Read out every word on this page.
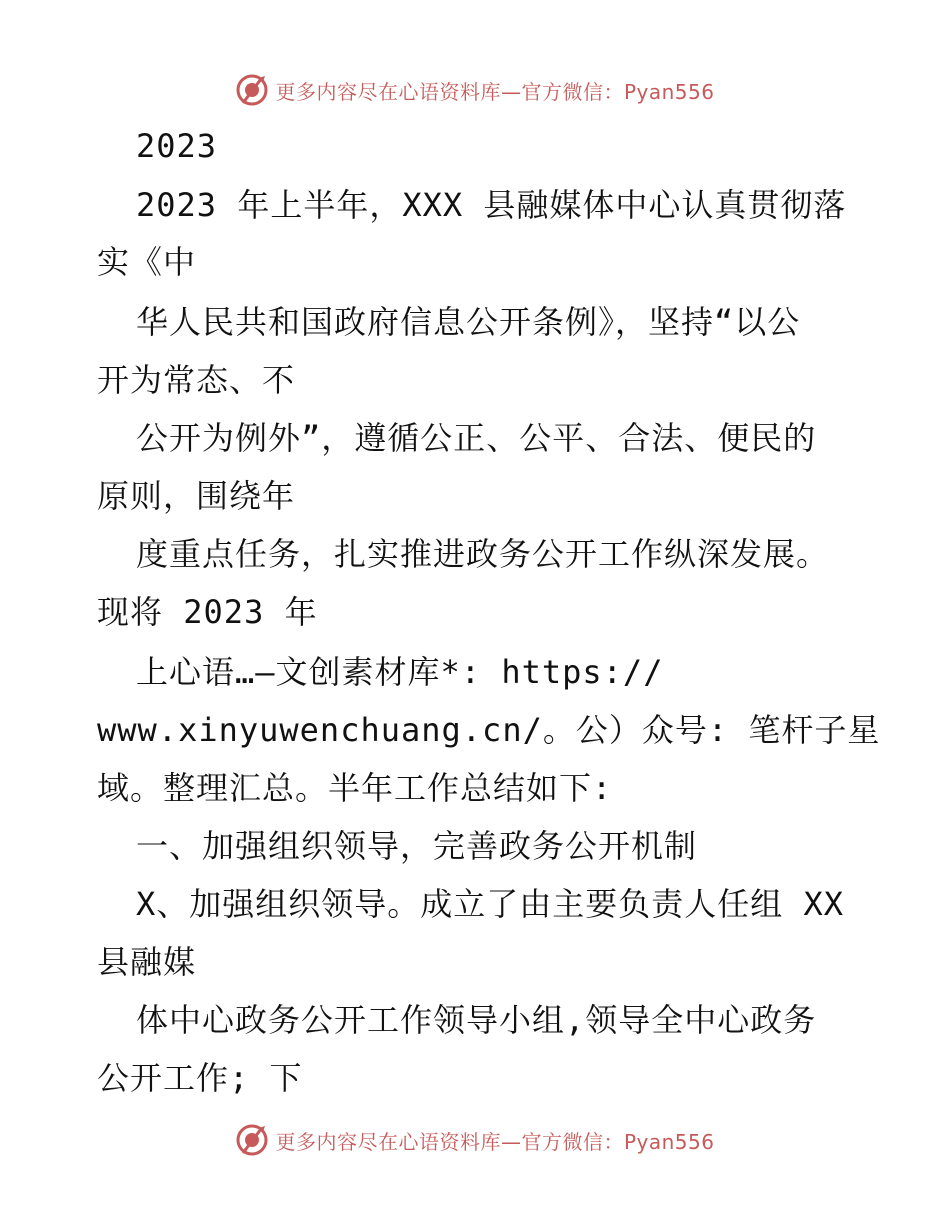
更多内容尽在心语资料库—官方微信：Pyan556
2023
2023 年上半年，XXX 县融媒体中心认真贯彻落
实《中
华人民共和国政府信息公开条例》，坚持“以公
开为常态、不
公开为例外”，遵循公正、公平、合法、便民的
原则，围绕年
度重点任务，扎实推进政务公开工作纵深发展。
现将 2023 年
上心语…—文创素材库*: https://
www.xinyuwenchuang.cn/。公）众号: 笔杆子星
域。整理汇总。半年工作总结如下:
一、加强组织领导，完善政务公开机制
X、加强组织领导。成立了由主要负责人任组 XX
县融媒
体中心政务公开工作领导小组,领导全中心政务
公开工作; 下
更多内容尽在心语资料库—官方微信：Pyan556
